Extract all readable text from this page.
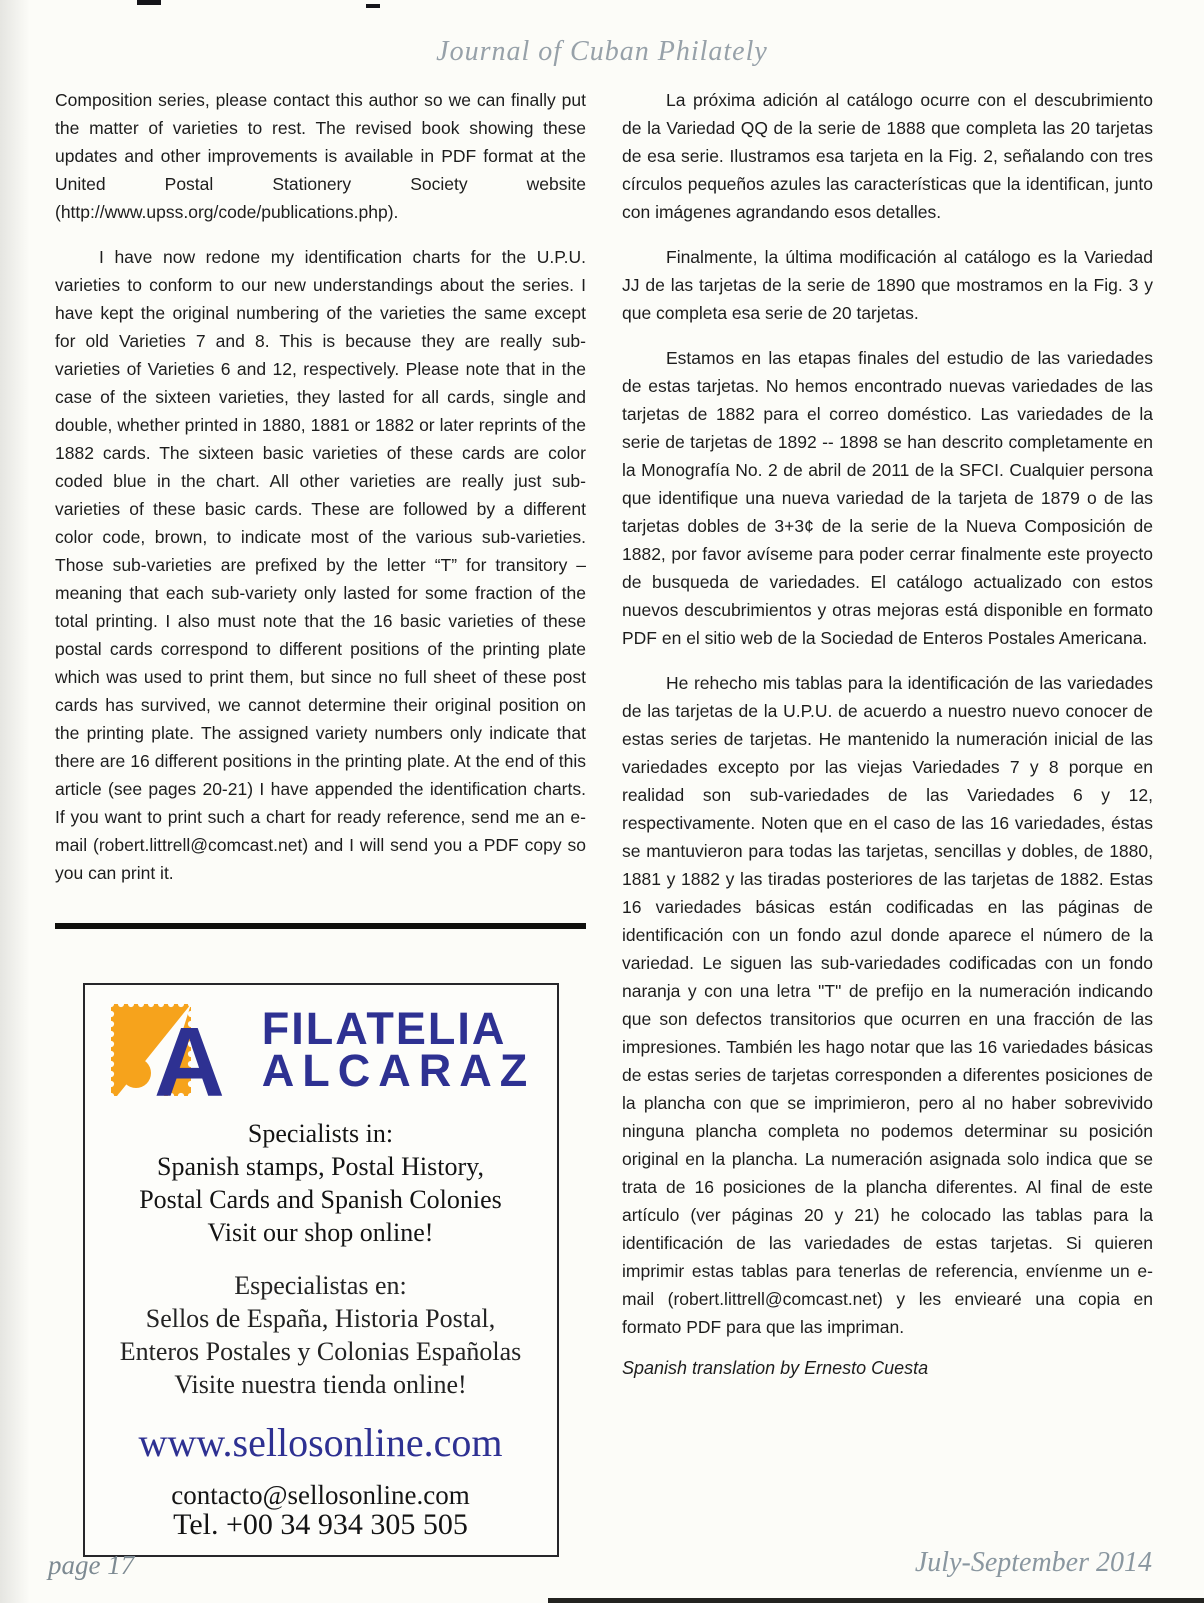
Journal of Cuban Philately

Composition series, please contact this author so we can finally put the matter of varieties to rest. The revised book showing these updates and other improvements is available in PDF format at the United Postal Stationery Society website (http://www.upss.org/code/publications.php).

I have now redone my identification charts for the U.P.U. varieties to conform to our new understandings about the series. I have kept the original numbering of the varieties the same except for old Varieties 7 and 8. This is because they are really sub-varieties of Varieties 6 and 12, respectively. Please note that in the case of the sixteen varieties, they lasted for all cards, single and double, whether printed in 1880, 1881 or 1882 or later reprints of the 1882 cards. The sixteen basic varieties of these cards are color coded blue in the chart. All other varieties are really just sub-varieties of these basic cards. These are followed by a different color code, brown, to indicate most of the various sub-varieties. Those sub-varieties are prefixed by the letter “T” for transitory – meaning that each sub-variety only lasted for some fraction of the total printing. I also must note that the 16 basic varieties of these postal cards correspond to different positions of the printing plate which was used to print them, but since no full sheet of these post cards has survived, we cannot determine their original position on the printing plate. The assigned variety numbers only indicate that there are 16 different positions in the printing plate. At the end of this article (see pages 20-21) I have appended the identification charts. If you want to print such a chart for ready reference, send me an e-mail (robert.littrell@comcast.net) and I will send you a PDF copy so you can print it.

A FILATELIA
ALCARAZ
Specialists in:
Spanish stamps, Postal History,
Postal Cards and Spanish Colonies
Visit our shop online!
Especialistas en:
Sellos de España, Historia Postal,
Enteros Postales y Colonias Españolas
Visite nuestra tienda online!
www.sellosonline.com
contacto@sellosonline.com
Tel. +00 34 934 305 505

La próxima adición al catálogo ocurre con el descubrimiento de la Variedad QQ de la serie de 1888 que completa las 20 tarjetas de esa serie. Ilustramos esa tarjeta en la Fig. 2, señalando con tres círculos pequeños azules las características que la identifican, junto con imágenes agrandando esos detalles.

Finalmente, la última modificación al catálogo es la Variedad JJ de las tarjetas de la serie de 1890 que mostramos en la Fig. 3 y que completa esa serie de 20 tarjetas.

Estamos en las etapas finales del estudio de las variedades de estas tarjetas. No hemos encontrado nuevas variedades de las tarjetas de 1882 para el correo doméstico. Las variedades de la serie de tarjetas de 1892 -- 1898 se han descrito completamente en la Monografía No. 2 de abril de 2011 de la SFCI. Cualquier persona que identifique una nueva variedad de la tarjeta de 1879 o de las tarjetas dobles de 3+3¢ de la serie de la Nueva Composición de 1882, por favor avíseme para poder cerrar finalmente este proyecto de busqueda de variedades. El catálogo actualizado con estos nuevos descubrimientos y otras mejoras está disponible en formato PDF en el sitio web de la Sociedad de Enteros Postales Americana.

He rehecho mis tablas para la identificación de las variedades de las tarjetas de la U.P.U. de acuerdo a nuestro nuevo conocer de estas series de tarjetas. He mantenido la numeración inicial de las variedades excepto por las viejas Variedades 7 y 8 porque en realidad son sub-variedades de las Variedades 6 y 12, respectivamente. Noten que en el caso de las 16 variedades, éstas se mantuvieron para todas las tarjetas, sencillas y dobles, de 1880, 1881 y 1882 y las tiradas posteriores de las tarjetas de 1882. Estas 16 variedades básicas están codificadas en las páginas de identificación con un fondo azul donde aparece el número de la variedad. Le siguen las sub-variedades codificadas con un fondo naranja y con una letra "T" de prefijo en la numeración indicando que son defectos transitorios que ocurren en una fracción de las impresiones. También les hago notar que las 16 variedades básicas de estas series de tarjetas corresponden a diferentes posiciones de la plancha con que se imprimieron, pero al no haber sobrevivido ninguna plancha completa no podemos determinar su posición original en la plancha. La numeración asignada solo indica que se trata de 16 posiciones de la plancha diferentes. Al final de este artículo (ver páginas 20 y 21) he colocado las tablas para la identificación de las variedades de estas tarjetas. Si quieren imprimir estas tablas para tenerlas de referencia, envíenme un e-mail (robert.littrell@comcast.net) y les enviearé una copia en formato PDF para que las impriman.

Spanish translation by Ernesto Cuesta
page 17	July-September 2014
